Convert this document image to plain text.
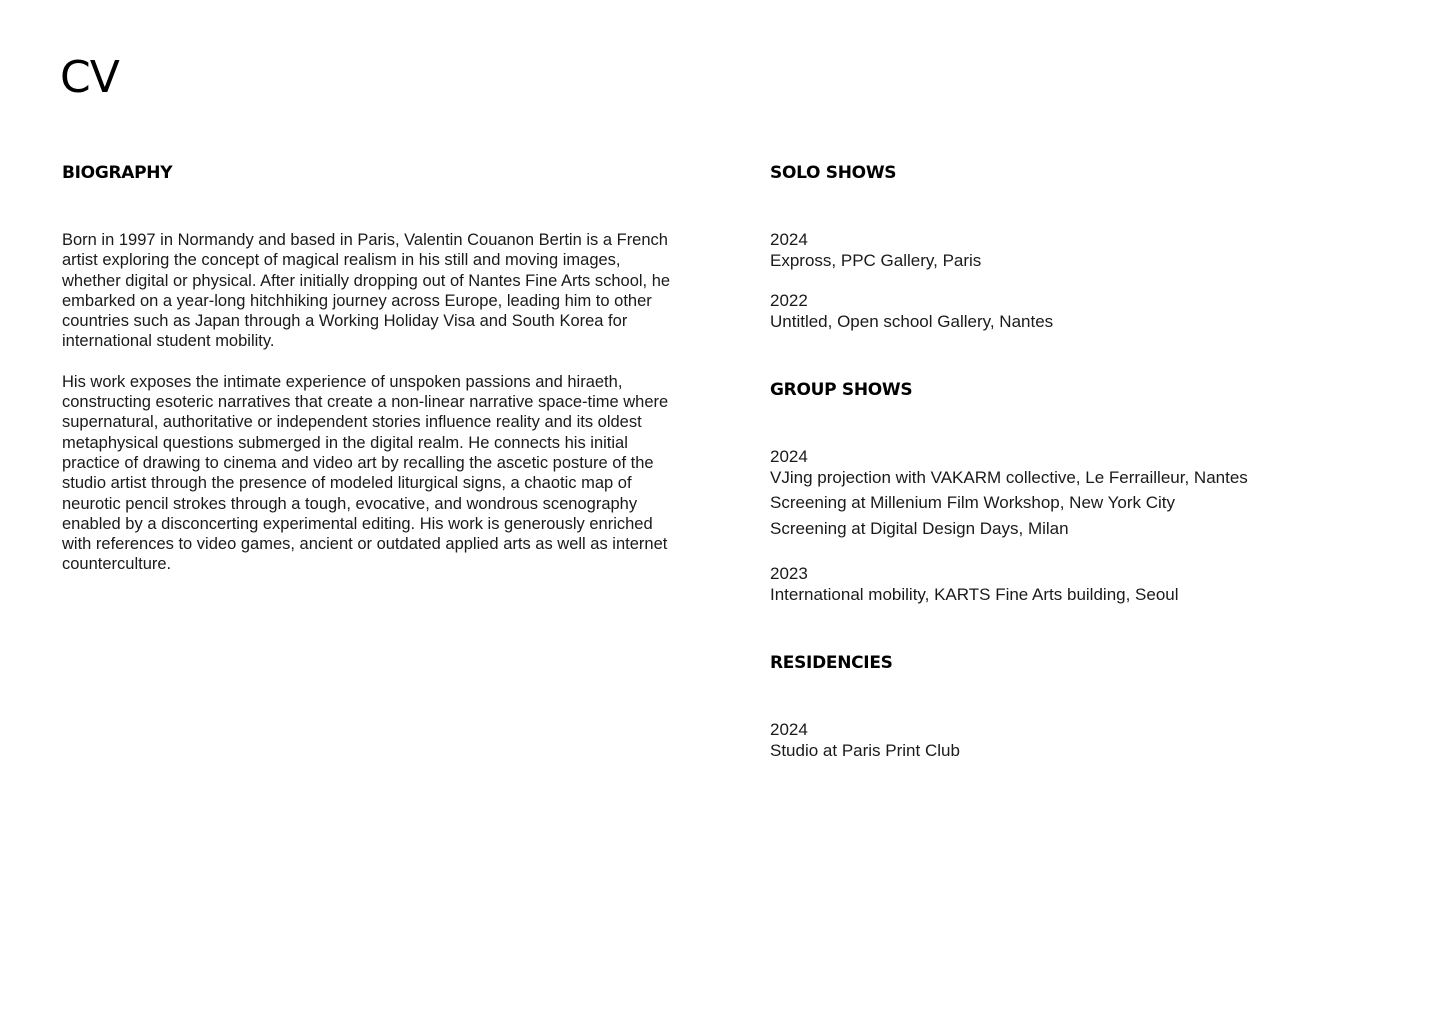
CV
BIOGRAPHY

Born in 1997 in Normandy and based in Paris, Valentin Couanon Bertin is a French artist exploring the concept of magical realism in his still and moving images, whether digital or physical. After initially dropping out of Nantes Fine Arts school, he embarked on a year-long hitchhiking journey across Europe, leading him to other countries such as Japan through a Working Holiday Visa and South Korea for international student mobility.

His work exposes the intimate experience of unspoken passions and hiraeth, constructing esoteric narratives that create a non-linear narrative space-time where supernatural, authoritative or independent stories influence reality and its oldest metaphysical questions submerged in the digital realm. He connects his initial practice of drawing to cinema and video art by recalling the ascetic posture of the studio artist through the presence of modeled liturgical signs, a chaotic map of neurotic pencil strokes through a tough, evocative, and wondrous scenography enabled by a disconcerting experimental editing. His work is generously enriched with references to video games, ancient or outdated applied arts as well as internet counterculture.

SOLO SHOWS
2024
Expross, PPC Gallery, Paris
2022
Untitled, Open school Gallery, Nantes
GROUP SHOWS
2024
VJing projection with VAKARM collective, Le Ferrailleur, Nantes
Screening at Millenium Film Workshop, New York City
Screening at Digital Design Days, Milan
2023
International mobility, KARTS Fine Arts building, Seoul
RESIDENCIES
2024
Studio at Paris Print Club
